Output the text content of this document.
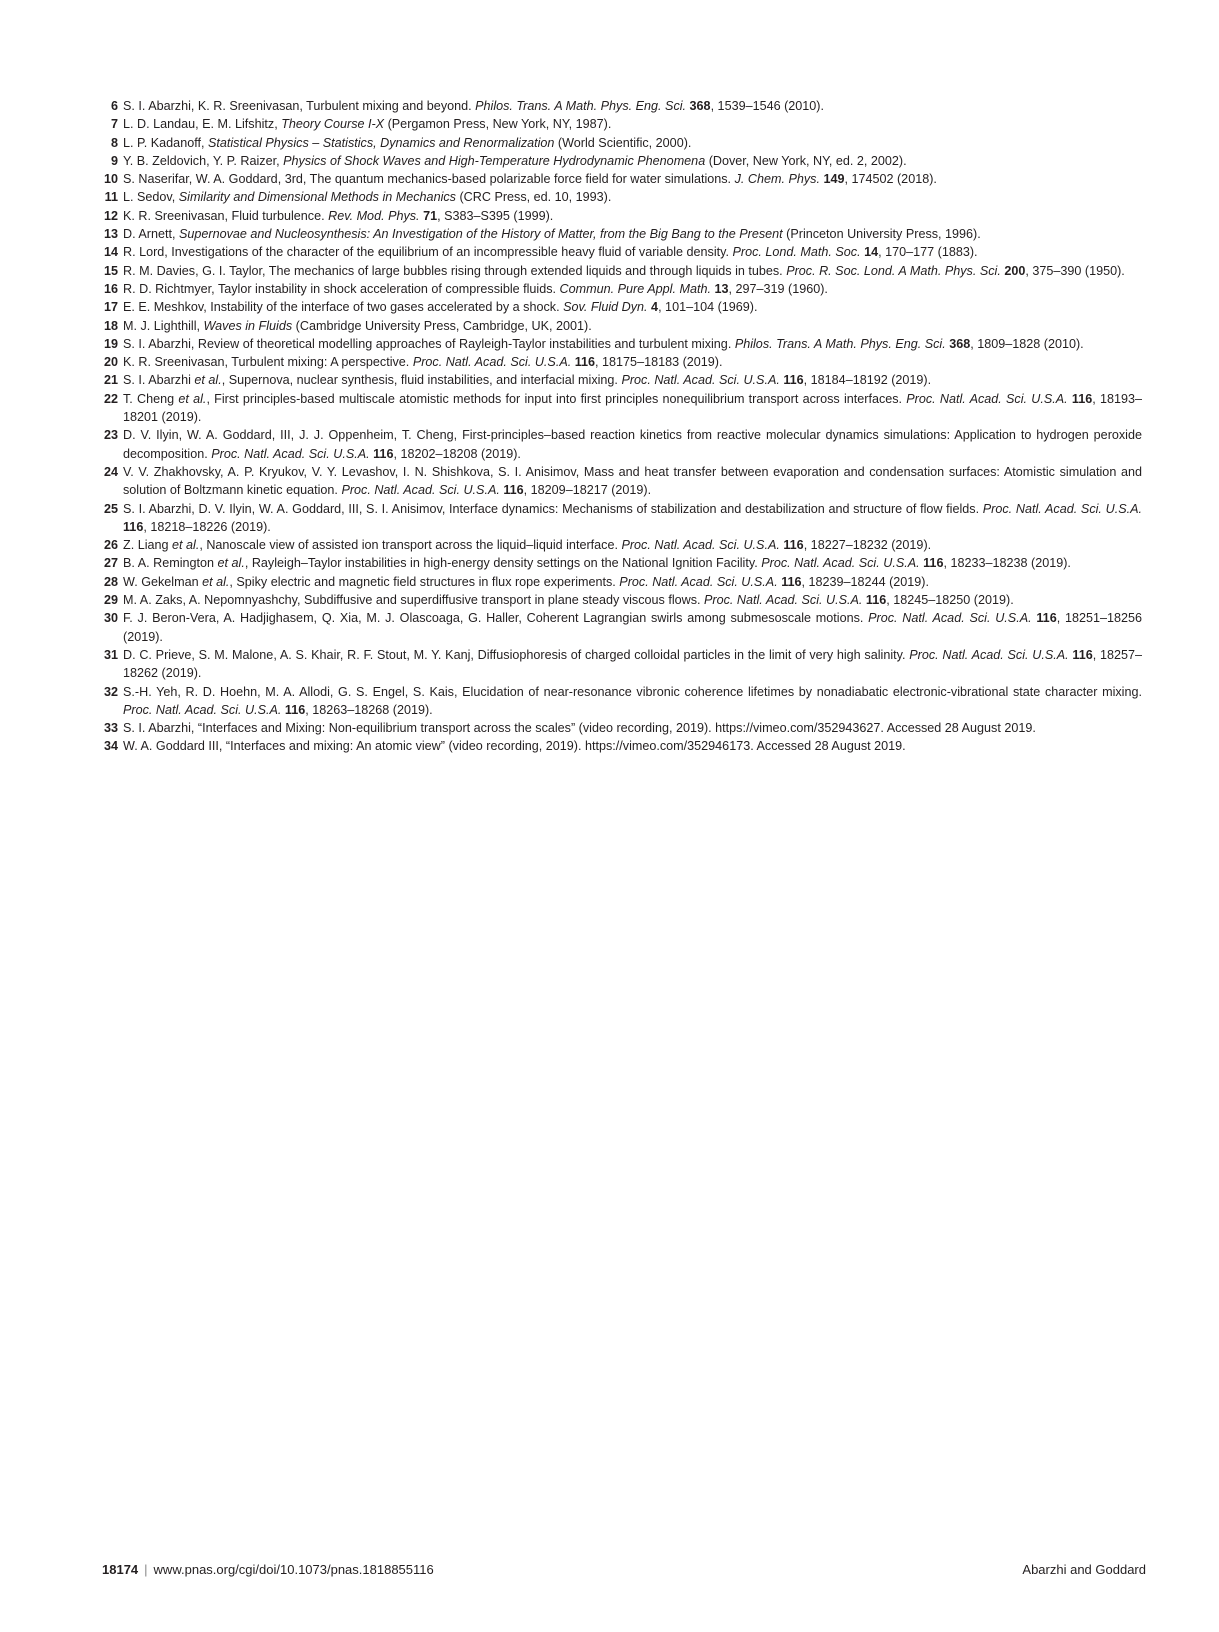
6 S. I. Abarzhi, K. R. Sreenivasan, Turbulent mixing and beyond. Philos. Trans. A Math. Phys. Eng. Sci. 368, 1539–1546 (2010).
7 L. D. Landau, E. M. Lifshitz, Theory Course I-X (Pergamon Press, New York, NY, 1987).
8 L. P. Kadanoff, Statistical Physics – Statistics, Dynamics and Renormalization (World Scientific, 2000).
9 Y. B. Zeldovich, Y. P. Raizer, Physics of Shock Waves and High-Temperature Hydrodynamic Phenomena (Dover, New York, NY, ed. 2, 2002).
10 S. Naserifar, W. A. Goddard, 3rd, The quantum mechanics-based polarizable force field for water simulations. J. Chem. Phys. 149, 174502 (2018).
11 L. Sedov, Similarity and Dimensional Methods in Mechanics (CRC Press, ed. 10, 1993).
12 K. R. Sreenivasan, Fluid turbulence. Rev. Mod. Phys. 71, S383–S395 (1999).
13 D. Arnett, Supernovae and Nucleosynthesis: An Investigation of the History of Matter, from the Big Bang to the Present (Princeton University Press, 1996).
14 R. Lord, Investigations of the character of the equilibrium of an incompressible heavy fluid of variable density. Proc. Lond. Math. Soc. 14, 170–177 (1883).
15 R. M. Davies, G. I. Taylor, The mechanics of large bubbles rising through extended liquids and through liquids in tubes. Proc. R. Soc. Lond. A Math. Phys. Sci. 200, 375–390 (1950).
16 R. D. Richtmyer, Taylor instability in shock acceleration of compressible fluids. Commun. Pure Appl. Math. 13, 297–319 (1960).
17 E. E. Meshkov, Instability of the interface of two gases accelerated by a shock. Sov. Fluid Dyn. 4, 101–104 (1969).
18 M. J. Lighthill, Waves in Fluids (Cambridge University Press, Cambridge, UK, 2001).
19 S. I. Abarzhi, Review of theoretical modelling approaches of Rayleigh-Taylor instabilities and turbulent mixing. Philos. Trans. A Math. Phys. Eng. Sci. 368, 1809–1828 (2010).
20 K. R. Sreenivasan, Turbulent mixing: A perspective. Proc. Natl. Acad. Sci. U.S.A. 116, 18175–18183 (2019).
21 S. I. Abarzhi et al., Supernova, nuclear synthesis, fluid instabilities, and interfacial mixing. Proc. Natl. Acad. Sci. U.S.A. 116, 18184–18192 (2019).
22 T. Cheng et al., First principles-based multiscale atomistic methods for input into first principles nonequilibrium transport across interfaces. Proc. Natl. Acad. Sci. U.S.A. 116, 18193–18201 (2019).
23 D. V. Ilyin, W. A. Goddard, III, J. J. Oppenheim, T. Cheng, First-principles–based reaction kinetics from reactive molecular dynamics simulations: Application to hydrogen peroxide decomposition. Proc. Natl. Acad. Sci. U.S.A. 116, 18202–18208 (2019).
24 V. V. Zhakhovsky, A. P. Kryukov, V. Y. Levashov, I. N. Shishkova, S. I. Anisimov, Mass and heat transfer between evaporation and condensation surfaces: Atomistic simulation and solution of Boltzmann kinetic equation. Proc. Natl. Acad. Sci. U.S.A. 116, 18209–18217 (2019).
25 S. I. Abarzhi, D. V. Ilyin, W. A. Goddard, III, S. I. Anisimov, Interface dynamics: Mechanisms of stabilization and destabilization and structure of flow fields. Proc. Natl. Acad. Sci. U.S.A. 116, 18218–18226 (2019).
26 Z. Liang et al., Nanoscale view of assisted ion transport across the liquid–liquid interface. Proc. Natl. Acad. Sci. U.S.A. 116, 18227–18232 (2019).
27 B. A. Remington et al., Rayleigh–Taylor instabilities in high-energy density settings on the National Ignition Facility. Proc. Natl. Acad. Sci. U.S.A. 116, 18233–18238 (2019).
28 W. Gekelman et al., Spiky electric and magnetic field structures in flux rope experiments. Proc. Natl. Acad. Sci. U.S.A. 116, 18239–18244 (2019).
29 M. A. Zaks, A. Nepomnyashchy, Subdiffusive and superdiffusive transport in plane steady viscous flows. Proc. Natl. Acad. Sci. U.S.A. 116, 18245–18250 (2019).
30 F. J. Beron-Vera, A. Hadjighasem, Q. Xia, M. J. Olascoaga, G. Haller, Coherent Lagrangian swirls among submesoscale motions. Proc. Natl. Acad. Sci. U.S.A. 116, 18251–18256 (2019).
31 D. C. Prieve, S. M. Malone, A. S. Khair, R. F. Stout, M. Y. Kanj, Diffusiophoresis of charged colloidal particles in the limit of very high salinity. Proc. Natl. Acad. Sci. U.S.A. 116, 18257–18262 (2019).
32 S.-H. Yeh, R. D. Hoehn, M. A. Allodi, G. S. Engel, S. Kais, Elucidation of near-resonance vibronic coherence lifetimes by nonadiabatic electronic-vibrational state character mixing. Proc. Natl. Acad. Sci. U.S.A. 116, 18263–18268 (2019).
33 S. I. Abarzhi, “Interfaces and Mixing: Non-equilibrium transport across the scales” (video recording, 2019). https://vimeo.com/352943627. Accessed 28 August 2019.
34 W. A. Goddard III, “Interfaces and mixing: An atomic view” (video recording, 2019). https://vimeo.com/352946173. Accessed 28 August 2019.
18174 | www.pnas.org/cgi/doi/10.1073/pnas.1818855116	Abarzhi and Goddard
